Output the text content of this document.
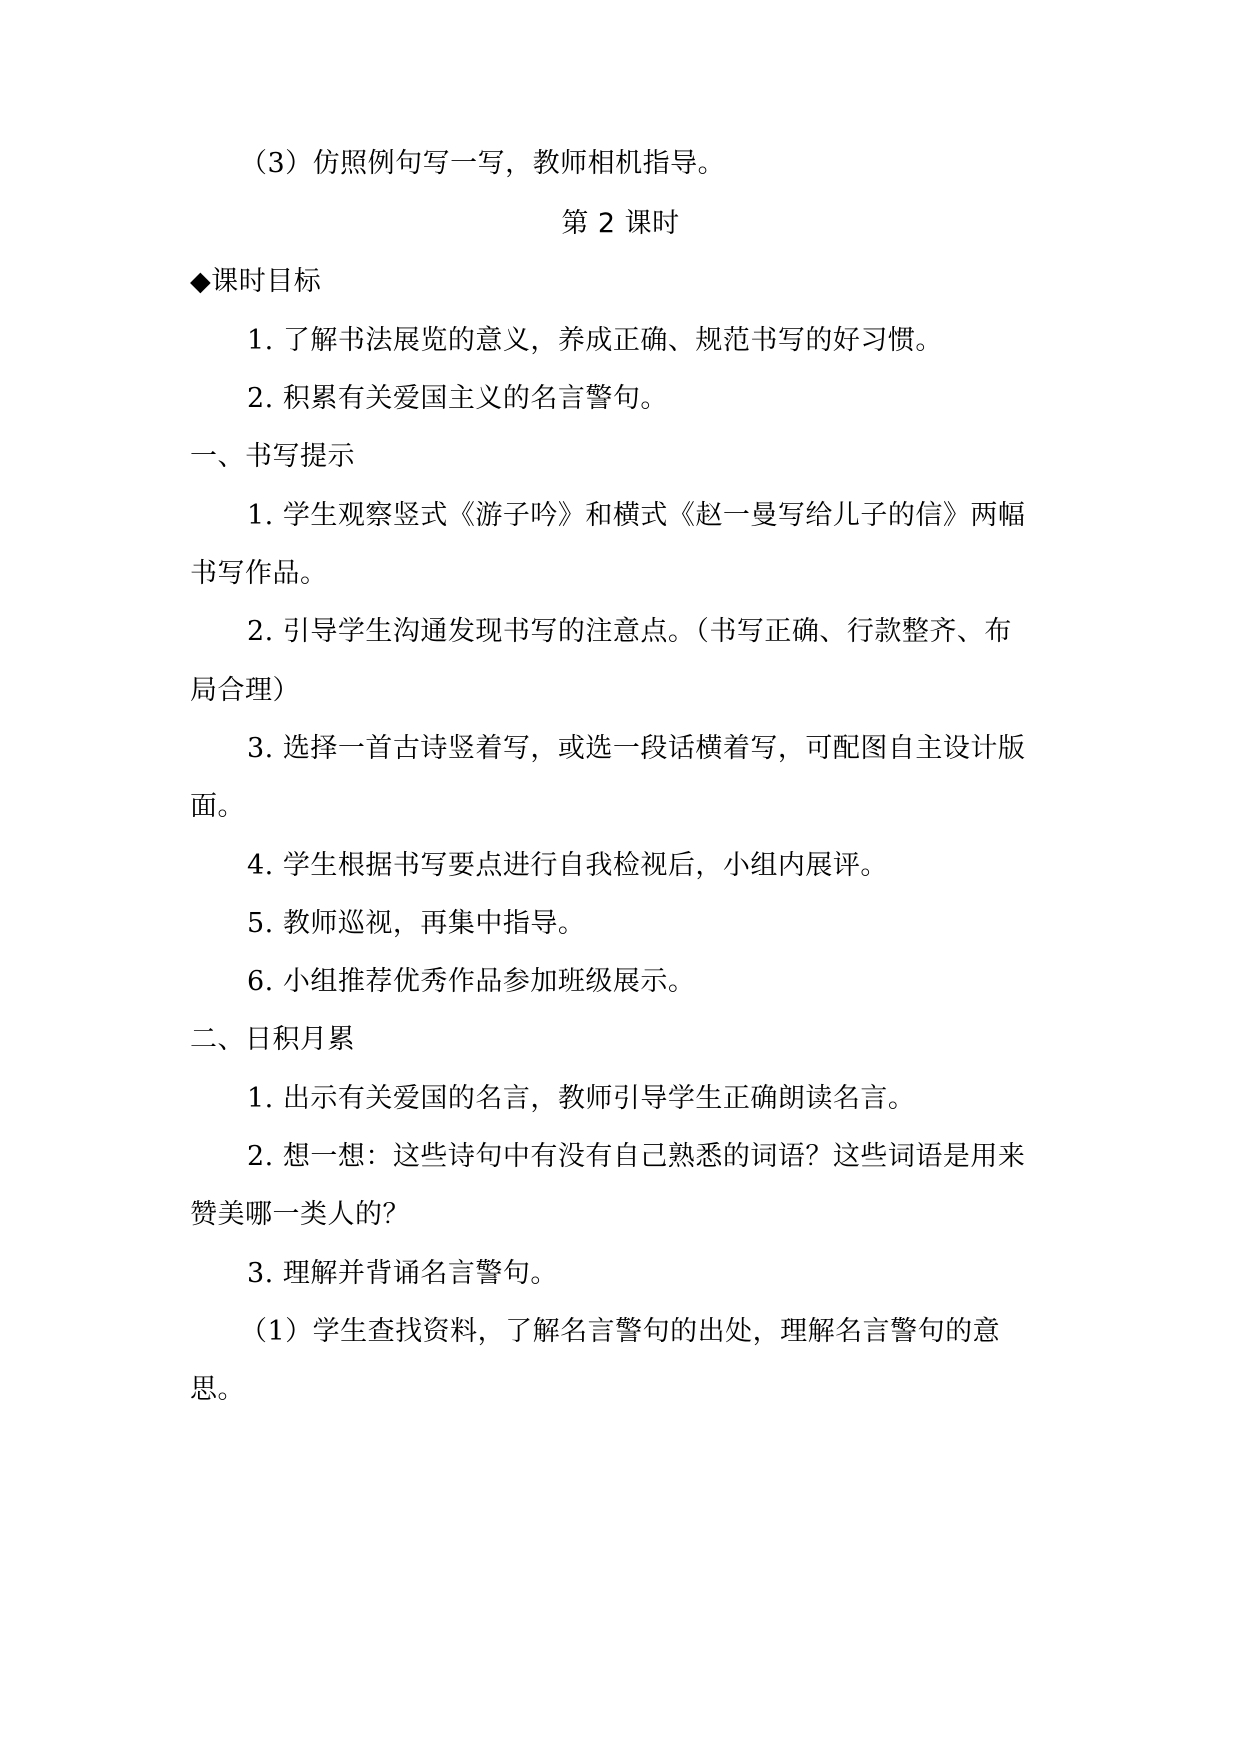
（3）仿照例句写一写，教师相机指导。
第 2 课时
◆课时目标
1. 了解书法展览的意义，养成正确、规范书写的好习惯。
2. 积累有关爱国主义的名言警句。
一、书写提示
1. 学生观察竖式《游子吟》和横式《赵一曼写给儿子的信》两幅
书写作品。
2. 引导学生沟通发现书写的注意点。（书写正确、行款整齐、布
局合理）
3. 选择一首古诗竖着写，或选一段话横着写，可配图自主设计版
面。
4. 学生根据书写要点进行自我检视后，小组内展评。
5. 教师巡视，再集中指导。
6. 小组推荐优秀作品参加班级展示。
二、日积月累
1. 出示有关爱国的名言，教师引导学生正确朗读名言。
2. 想一想：这些诗句中有没有自己熟悉的词语？这些词语是用来
赞美哪一类人的？
3. 理解并背诵名言警句。
（1）学生查找资料，了解名言警句的出处，理解名言警句的意
思。
